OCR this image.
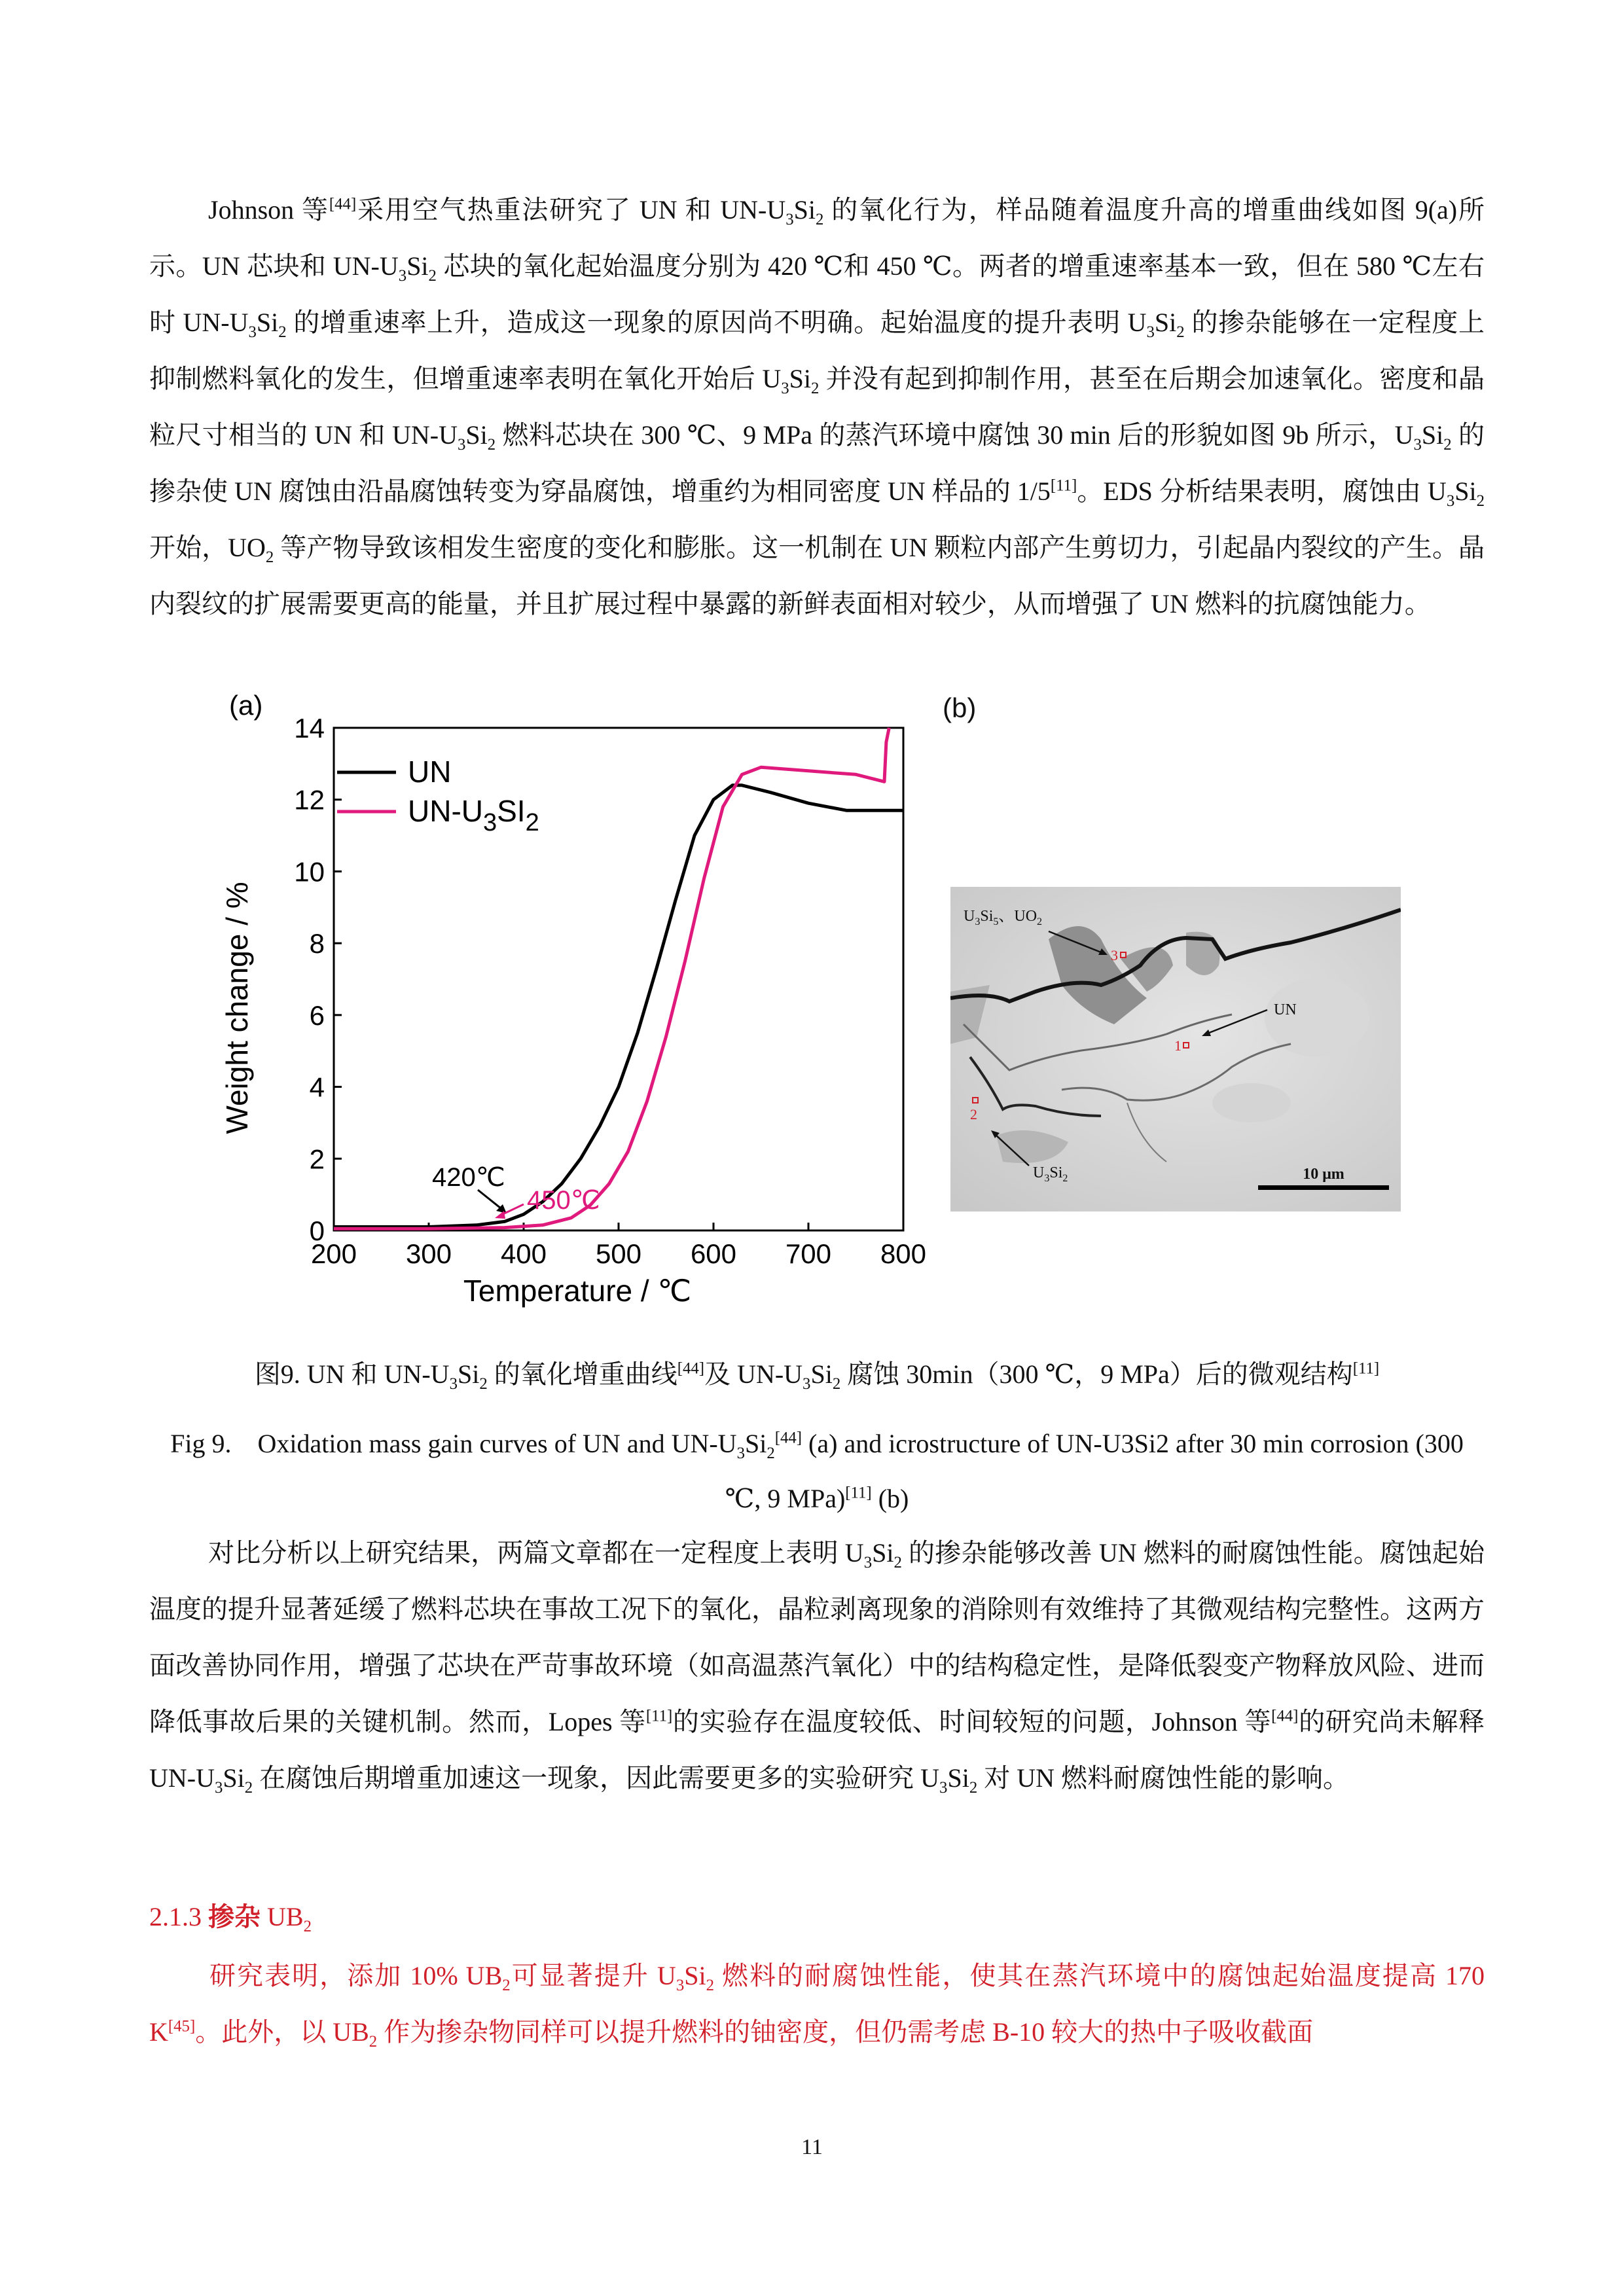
Johnson 等[44]采用空气热重法研究了 UN 和 $UN-U_3Si_2$ 的氧化行为，样品随着温度升高的增重曲线如图 9(a)所示。UN 芯块和 $UN-U_3Si_2$ 芯块的氧化起始温度分别为 420 ℃和 450 ℃。两者的增重速率基本一致，但在 580 ℃左右时 $UN-U_3Si_2$ 的增重速率上升，造成这一现象的原因尚不明确。起始温度的提升表明 $U_3Si_2$ 的掺杂能够在一定程度上抑制燃料氧化的发生，但增重速率表明在氧化开始后 $U_3Si_2$ 并没有起到抑制作用，甚至在后期会加速氧化。密度和晶粒尺寸相当的 UN 和 $UN-U_3Si_2$ 燃料芯块在 300 ℃、9 MPa 的蒸汽环境中腐蚀 30 min 后的形貌如图 9b 所示，$U_3Si_2$ 的掺杂使 UN 腐蚀由沿晶腐蚀转变为穿晶腐蚀，增重约为相同密度 UN 样品的 1/5[11]。EDS 分析结果表明，腐蚀由 $U_3Si_2$ 开始，$UO_2$ 等产物导致该相发生密度的变化和膨胀。这一机制在 UN 颗粒内部产生剪切力，引起晶内裂纹的产生。晶内裂纹的扩展需要更高的能量，并且扩展过程中暴露的新鲜表面相对较少，从而增强了 UN 燃料的抗腐蚀能力。

(a)
200 300 400 500 600 700 800
0
2
4
6
8
10
12
14
UN
$UN-U_3SI_2$
420℃
450℃
Temperature / ℃
Weight change / %
(b)
3
1
2
$U_3Si_5$、$UO_2$
UN
$U_3Si_2$	10 μm

图9. UN 和 $UN-U_3Si_2$ 的氧化增重曲线[44]及 $UN-U_3Si_2$ 腐蚀 30min（300 ℃，9 MPa）后的微观结构[11]

Fig 9.    Oxidation mass gain curves of UN and $UN-U_3Si_2[44]$ (a) and icrostructure of UN-U3Si2 after 30 min corrosion (300 ℃, 9 MPa)[11] (b)

对比分析以上研究结果，两篇文章都在一定程度上表明 $U_3Si_2$ 的掺杂能够改善 UN 燃料的耐腐蚀性能。腐蚀起始温度的提升显著延缓了燃料芯块在事故工况下的氧化，晶粒剥离现象的消除则有效维持了其微观结构完整性。这两方面改善协同作用，增强了芯块在严苛事故环境（如高温蒸汽氧化）中的结构稳定性，是降低裂变产物释放风险、进而降低事故后果的关键机制。然而，Lopes 等[11]的实验存在温度较低、时间较短的问题，Johnson 等[44]的研究尚未解释 $UN-U_3Si_2$ 在腐蚀后期增重加速这一现象，因此需要更多的实验研究 $U_3Si_2$ 对 UN 燃料耐腐蚀性能的影响。

2.1.3 掺杂 $UB_2$

研究表明，添加 10% $UB_2$可显著提升 $U_3Si_2$ 燃料的耐腐蚀性能，使其在蒸汽环境中的腐蚀起始温度提高 170 K[45]。此外，以 $UB_2$ 作为掺杂物同样可以提升燃料的铀密度，但仍需考虑 B-10 较大的热中子吸收截面

11
